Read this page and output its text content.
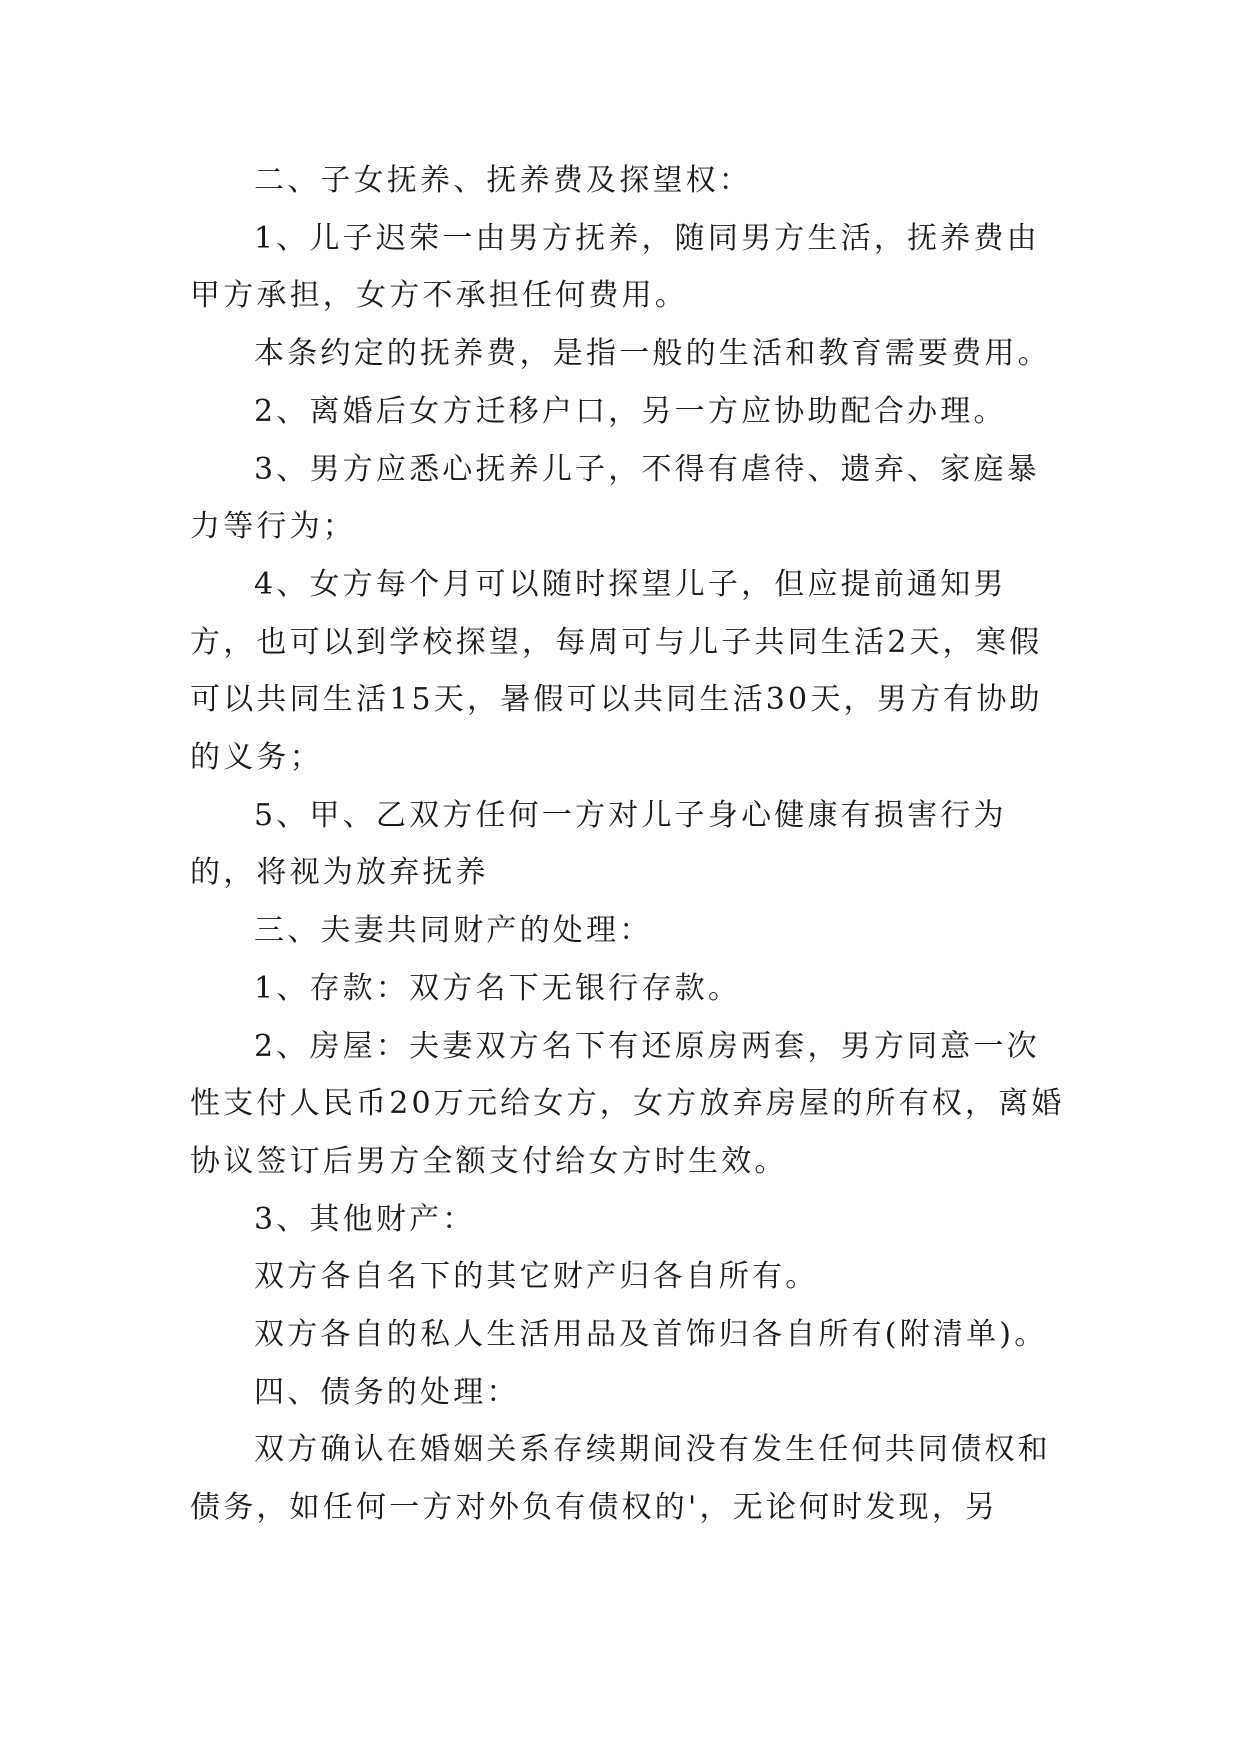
二、子女抚养、抚养费及探望权：

1、儿子迟荣一由男方抚养，随同男方生活，抚养费由甲方承担，女方不承担任何费用。

本条约定的抚养费，是指一般的生活和教育需要费用。

2、离婚后女方迁移户口，另一方应协助配合办理。

3、男方应悉心抚养儿子，不得有虐待、遗弃、家庭暴力等行为；

4、女方每个月可以随时探望儿子，但应提前通知男方，也可以到学校探望，每周可与儿子共同生活2天，寒假可以共同生活15天，暑假可以共同生活30天，男方有协助的义务；

5、甲、乙双方任何一方对儿子身心健康有损害行为的，将视为放弃抚养

三、夫妻共同财产的处理：

1、存款：双方名下无银行存款。

2、房屋：夫妻双方名下有还原房两套，男方同意一次性支付人民币20万元给女方，女方放弃房屋的所有权，离婚协议签订后男方全额支付给女方时生效。

3、其他财产：

双方各自名下的其它财产归各自所有。

双方各自的私人生活用品及首饰归各自所有(附清单)。

四、债务的处理：

双方确认在婚姻关系存续期间没有发生任何共同债权和债务，如任何一方对外负有债权的'，无论何时发现，另
